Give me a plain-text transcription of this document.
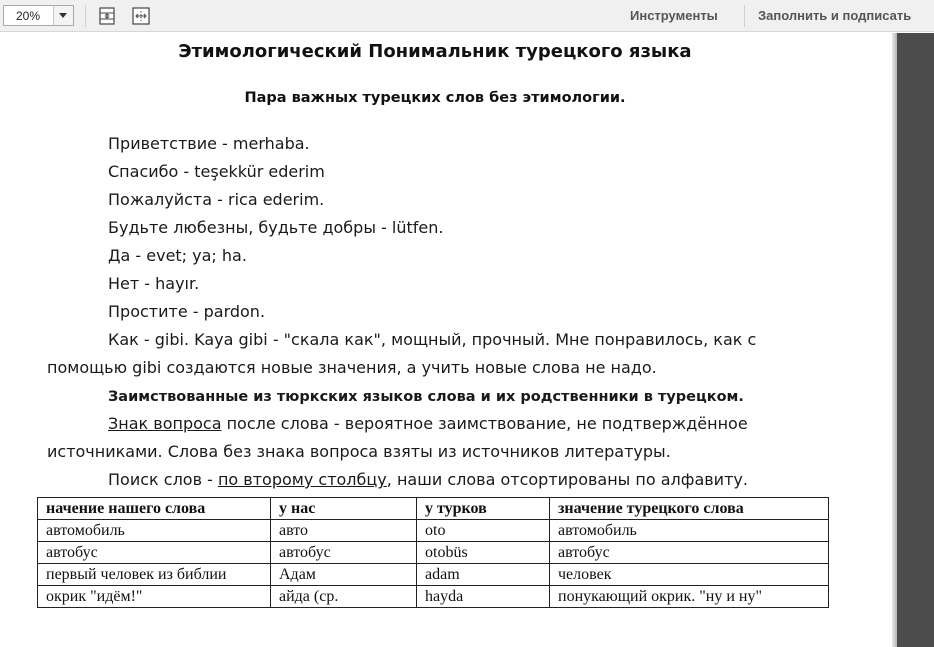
20%	Инструменты	Заполнить и подписать
Этимологический Понимальник турецкого языка
Пара важных турецких слов без этимологии.
Приветствие - merhaba.
Спасибо - teşekkür ederim
Пожалуйста - rica ederim.
Будьте любезны, будьте добры - lütfen.
Да - evet; ya; ha.
Нет - hayır.
Простите - pardon.
Как - gibi. Kaya gibi - "скала как", мощный, прочный. Мне понравилось, как с
помощью gibi создаются новые значения, а учить новые слова не надо.
Заимствованные из тюркских языков слова и их родственники в турецком.
Знак вопроса после слова - вероятное заимствование, не подтверждённое
источниками. Слова без знака вопроса взяты из источников литературы.
Поиск слов - по второму столбцу, наши слова отсортированы по алфавиту.
начение нашего слова	у нас	у турков	значение турецкого слова
автомобиль	авто	oto	автомобиль
автобус	автобус	otobüs	автобус
первый человек из библии	Адам	adam	человек
окрик "идём!"	айда (ср.	hayda	понукающий окрик. "ну и ну"
